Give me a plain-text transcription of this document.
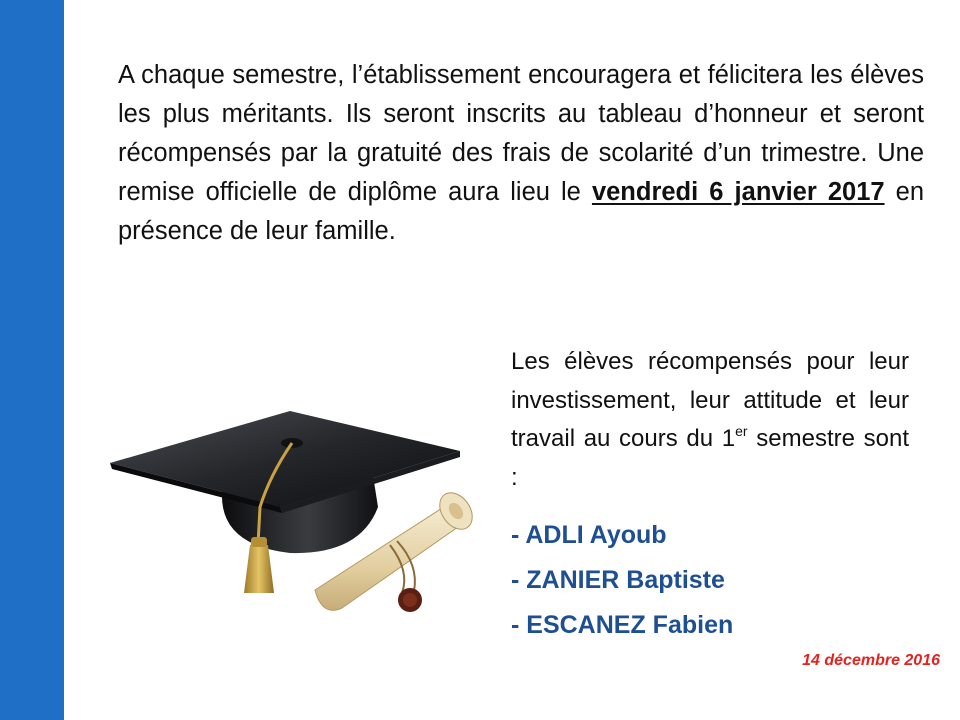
A chaque semestre, l’établissement encouragera et félicitera les élèves les plus méritants. Ils seront inscrits au tableau d’honneur et seront récompensés par la gratuité des frais de scolarité d’un trimestre. Une remise officielle de diplôme aura lieu le vendredi 6 janvier 2017 en présence de leur famille.
Les élèves récompensés pour leur investissement, leur attitude et leur travail au cours du 1er semestre sont :
- ADLI Ayoub
- ZANIER Baptiste
- ESCANEZ Fabien
14 décembre 2016
